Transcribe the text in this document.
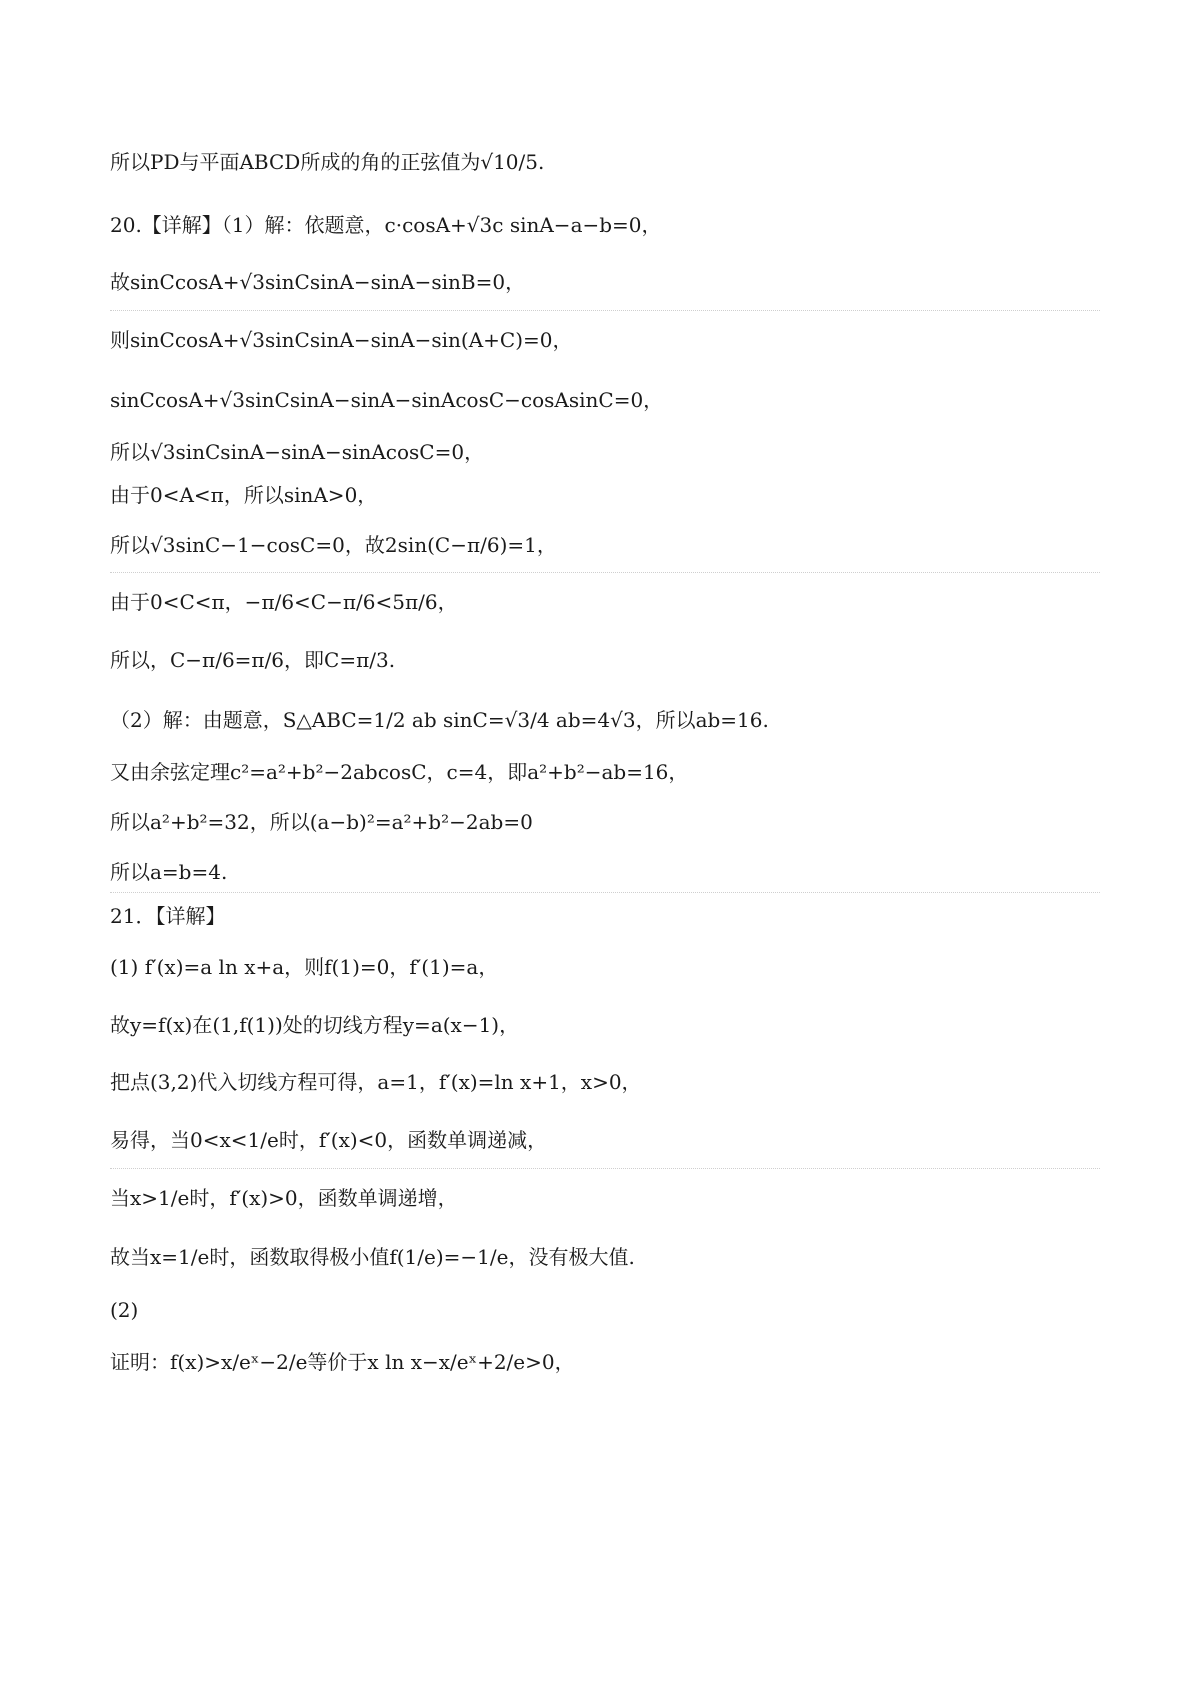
所以PD与平面ABCD所成的角的正弦值为√10/5.
20.【详解】（1）解：依题意，c·cosA+√3c sinA−a−b=0，
故sinCcosA+√3sinCsinA−sinA−sinB=0，
则sinCcosA+√3sinCsinA−sinA−sin(A+C)=0，
sinCcosA+√3sinCsinA−sinA−sinAcosC−cosAsinC=0，
所以√3sinCsinA−sinA−sinAcosC=0，
由于0<A<π，所以sinA>0，
所以√3sinC−1−cosC=0，故2sin(C−π/6)=1，
由于0<C<π，−π/6<C−π/6<5π/6，
所以，C−π/6=π/6，即C=π/3.
（2）解：由题意，S△ABC=1/2 ab sinC=√3/4 ab=4√3，所以ab=16.
又由余弦定理c²=a²+b²−2abcosC，c=4，即a²+b²−ab=16，
所以a²+b²=32，所以(a−b)²=a²+b²−2ab=0
所以a=b=4.
21．【详解】
(1) f′(x)=a ln x+a，则f(1)=0，f′(1)=a，
故y=f(x)在(1,f(1))处的切线方程y=a(x−1)，
把点(3,2)代入切线方程可得，a=1，f′(x)=ln x+1，x>0，
易得，当0<x<1/e时，f′(x)<0，函数单调递减，
当x>1/e时，f′(x)>0，函数单调递增，
故当x=1/e时，函数取得极小值f(1/e)=−1/e，没有极大值.
(2)
证明：f(x)>x/eˣ−2/e等价于x ln x−x/eˣ+2/e>0，
